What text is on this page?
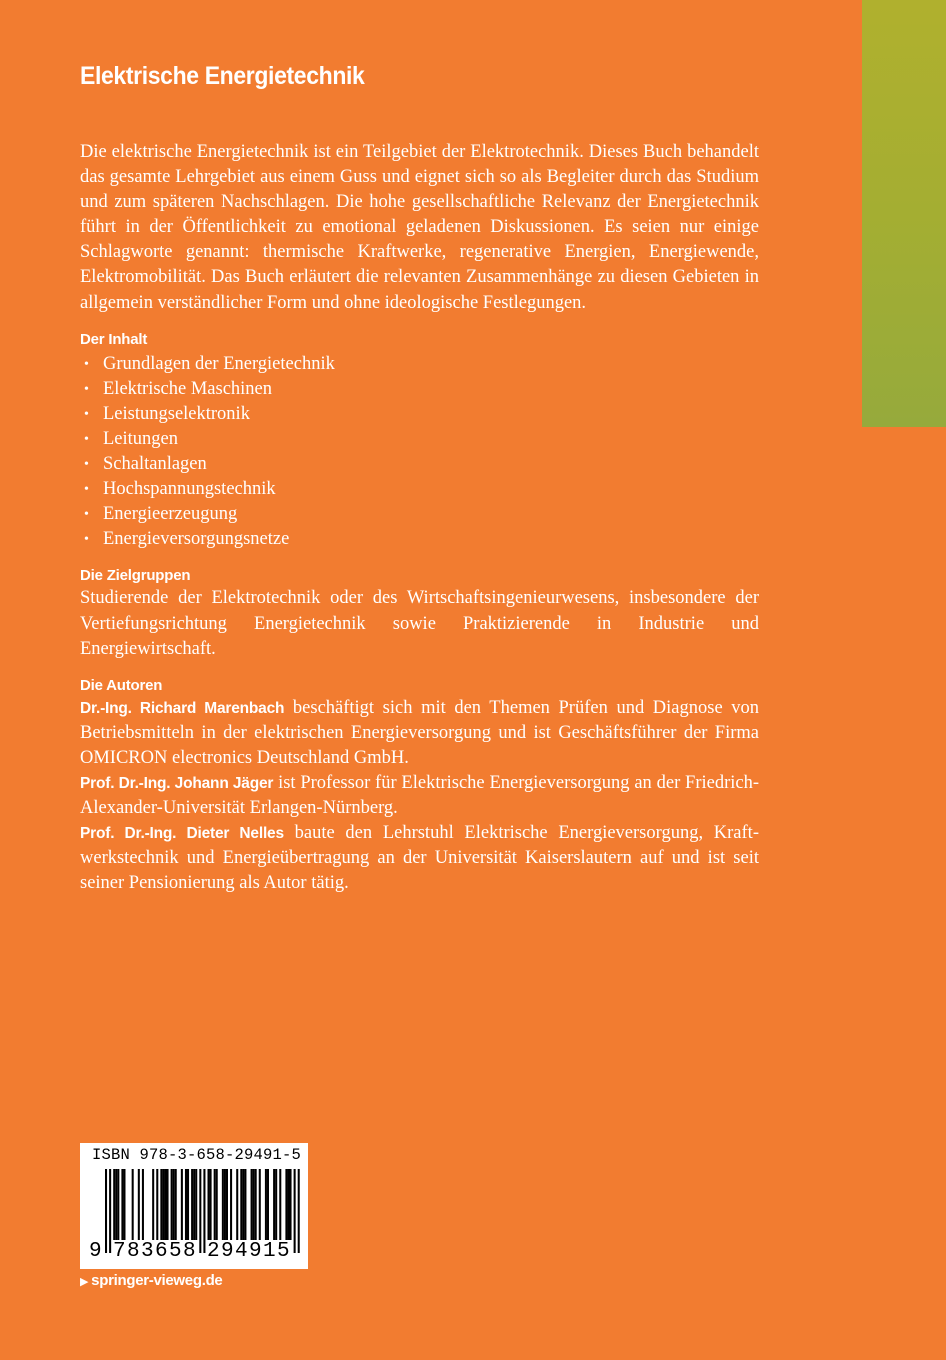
Elektrische Energietechnik

Die elektrische Energietechnik ist ein Teilgebiet der Elektrotechnik. Dieses Buch behandelt das gesamte Lehrgebiet aus einem Guss und eignet sich so als Begleiter durch das Studium und zum späteren Nachschlagen. Die hohe gesellschaftliche Relevanz der Energietechnik führt in der Öffentlichkeit zu emotional geladenen Diskussionen. Es seien nur einige Schlagworte genannt: thermische Kraftwerke, regenerative Energien, Energiewende, Elektromobilität. Das Buch erläutert die relevanten Zusammenhänge zu diesen Gebieten in allgemein verständlicher Form und ohne ideologische Festlegungen.

Der Inhalt

• Grundlagen der Energietechnik
• Elektrische Maschinen
• Leistungselektronik
• Leitungen
• Schaltanlagen
• Hochspannungstechnik
• Energieerzeugung
• Energieversorgungsnetze

Die Zielgruppen

Studierende der Elektrotechnik oder des Wirtschaftsingenieurwesens, insbesondere der Vertiefungsrichtung Energietechnik sowie Praktizierende in Industrie und Energiewirtschaft.

Die Autoren

Dr.-Ing. Richard Marenbach beschäftigt sich mit den Themen Prüfen und Diagnose von Betriebsmitteln in der elektrischen Energieversorgung und ist Geschäftsführer der Firma OMICRON electronics Deutschland GmbH.

Prof. Dr.-Ing. Johann Jäger ist Professor für Elektrische Energieversorgung an der Friedrich-Alexander-Universität Erlangen-Nürnberg.

Prof. Dr.-Ing. Dieter Nelles baute den Lehrstuhl Elektrische Energieversorgung, Kraftwerkstechnik und Energieübertragung an der Universität Kaiserslautern auf und ist seit seiner Pensionierung als Autor tätig.

ISBN 978-3-658-29491-5
9 783658 294915
▶ springer-vieweg.de
